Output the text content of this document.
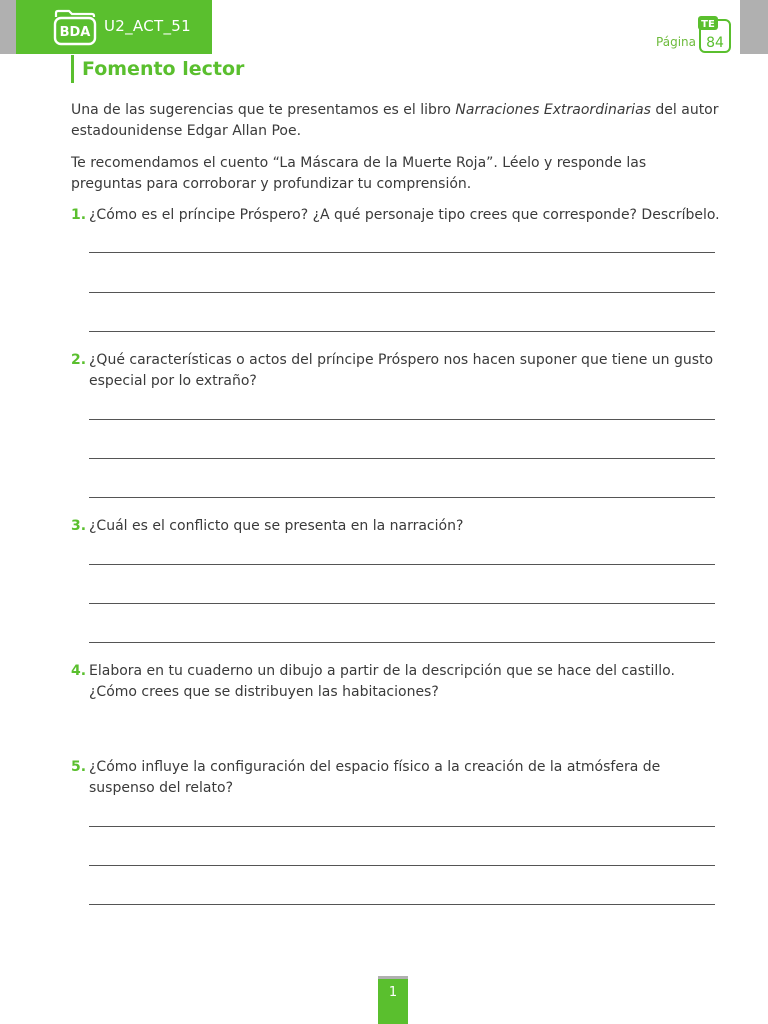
BDA U2_ACT_51
Página
TE
84
Fomento lector
Una de las sugerencias que te presentamos es el libro Narraciones Extraordinarias del autor estadounidense Edgar Allan Poe.
Te recomendamos el cuento “La Máscara de la Muerte Roja”. Léelo y responde las preguntas para corroborar y profundizar tu comprensión.
1. ¿Cómo es el príncipe Próspero? ¿A qué personaje tipo crees que corresponde? Descríbelo.
2. ¿Qué características o actos del príncipe Próspero nos hacen suponer que tiene un gusto especial por lo extraño?
3. ¿Cuál es el conflicto que se presenta en la narración?
4. Elabora en tu cuaderno un dibujo a partir de la descripción que se hace del castillo. ¿Cómo crees que se distribuyen las habitaciones?
5. ¿Cómo influye la configuración del espacio físico a la creación de la atmósfera de suspenso del relato?
1
